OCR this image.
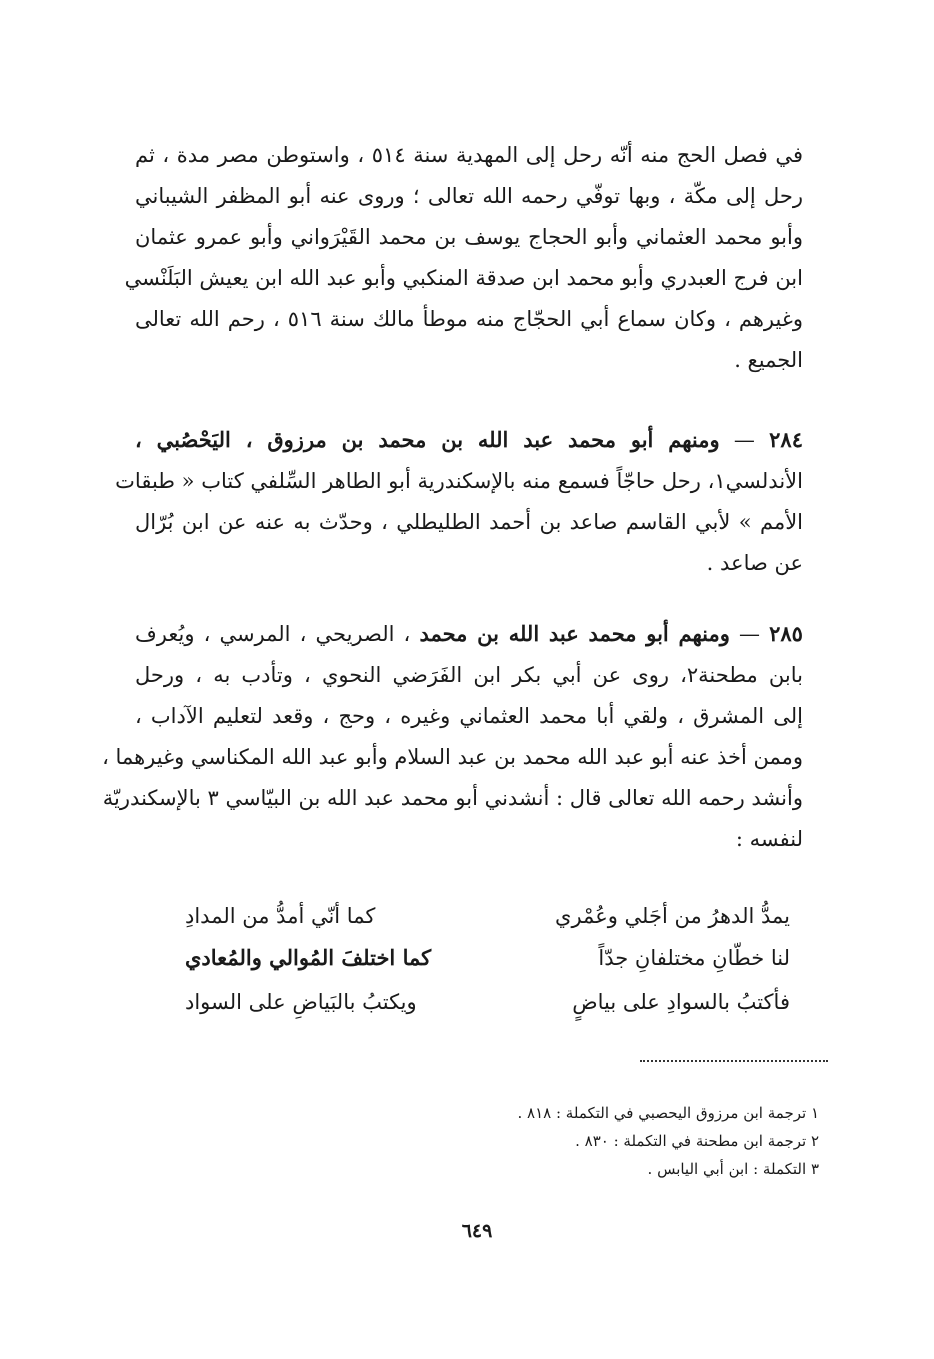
في فصل الحج منه أنّه رحل إلى المهدية سنة ٥١٤ ، واستوطن مصر مدة ، ثم
رحل إلى مكّة ، وبها توفّي رحمه الله تعالى ؛ وروى عنه أبو المظفر الشيباني
وأبو محمد العثماني وأبو الحجاج يوسف بن محمد القَيْرَواني وأبو عمرو عثمان
ابن فرج العبدري وأبو محمد ابن صدقة المنكبي وأبو عبد الله ابن يعيش البَلَنْسي
وغيرهم ، وكان سماع أبي الحجّاج منه موطأ مالك سنة ٥١٦ ، رحم الله تعالى
الجميع .
٢٨٤ — ومنهم أبو محمد عبد الله بن محمد بن مرزوق ، اليَحْصُبي ،
الأندلسي١، رحل حاجّاً فسمع منه بالإسكندرية أبو الطاهر السِّلفي كتاب « طبقات
الأمم » لأبي القاسم صاعد بن أحمد الطليطلي ، وحدّث به عنه عن ابن بُرّال
عن صاعد .
٢٨٥ — ومنهم أبو محمد عبد الله بن محمد ، الصريحي ، المرسي ، ويُعرف
بابن مطحنة٢، روى عن أبي بكر ابن الفَرَضي النحوي ، وتأدب به ، ورحل
إلى المشرق ، ولقي أبا محمد العثماني وغيره ، وحج ، وقعد لتعليم الآداب ،
وممن أخذ عنه أبو عبد الله محمد بن عبد السلام وأبو عبد الله المكناسي وغيرهما ،
وأنشد رحمه الله تعالى قال : أنشدني أبو محمد عبد الله بن البيّاسي ٣ بالإسكندريّة
لنفسه :
يمدُّ الدهرُ من أجَلي وعُمْري
كما أنّي أمدُّ من المدادِ
لنا خطّانِ مختلفانِ جدّاً
كما اختلفَ المُوالي والمُعادي
فأكتبُ بالسوادِ على بياضٍ
ويكتبُ بالبَياضِ على السواد
١ ترجمة ابن مرزوق اليحصبي في التكملة : ٨١٨ .
٢ ترجمة ابن مطحنة في التكملة : ٨٣٠ .
٣ التكملة : ابن أبي اليابس .
٦٤٩
